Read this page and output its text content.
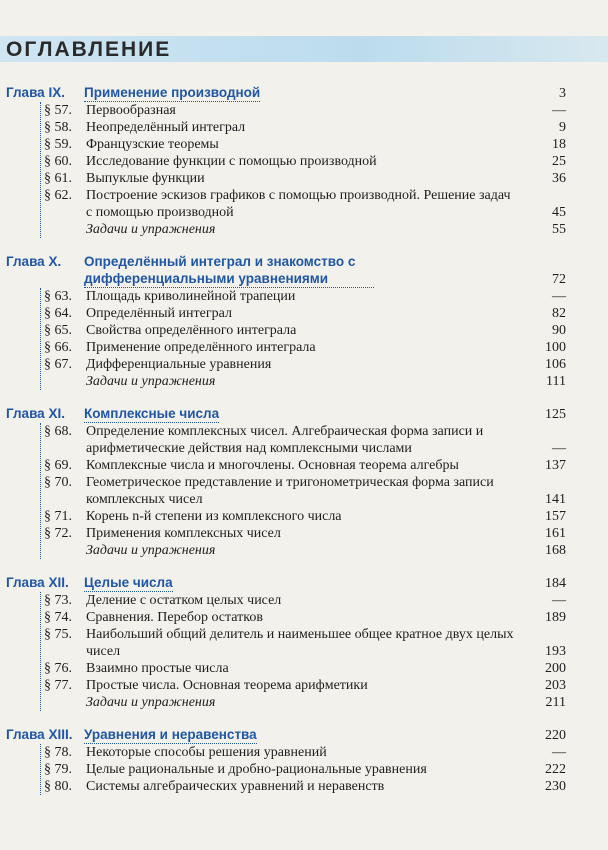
ОГЛАВЛЕНИЕ
Глава IX. Применение производной	3
§ 57. Первообразная	—
§ 58. Неопределённый интеграл	9
§ 59. Французские теоремы	18
§ 60. Исследование функции с помощью производной	25
§ 61. Выпуклые функции	36
§ 62. Построение эскизов графиков с помощью производной. Решение задач с помощью производной	45
Задачи и упражнения	55
Глава X. Определённый интеграл и знакомство с дифференциальными уравнениями	72
§ 63. Площадь криволинейной трапеции	—
§ 64. Определённый интеграл	82
§ 65. Свойства определённого интеграла	90
§ 66. Применение определённого интеграла	100
§ 67. Дифференциальные уравнения	106
Задачи и упражнения	111
Глава XI. Комплексные числа	125
§ 68. Определение комплексных чисел. Алгебраическая форма записи и арифметические действия над комплексными числами	—
§ 69. Комплексные числа и многочлены. Основная теорема алгебры	137
§ 70. Геометрическое представление и тригонометрическая форма записи комплексных чисел	141
§ 71. Корень n-й степени из комплексного числа	157
§ 72. Применения комплексных чисел	161
Задачи и упражнения	168
Глава XII. Целые числа	184
§ 73. Деление с остатком целых чисел	—
§ 74. Сравнения. Перебор остатков	189
§ 75. Наибольший общий делитель и наименьшее общее кратное двух целых чисел	193
§ 76. Взаимно простые числа	200
§ 77. Простые числа. Основная теорема арифметики	203
Задачи и упражнения	211
Глава XIII. Уравнения и неравенства	220
§ 78. Некоторые способы решения уравнений	—
§ 79. Целые рациональные и дробно-рациональные уравнения	222
§ 80. Системы алгебраических уравнений и неравенств	230
